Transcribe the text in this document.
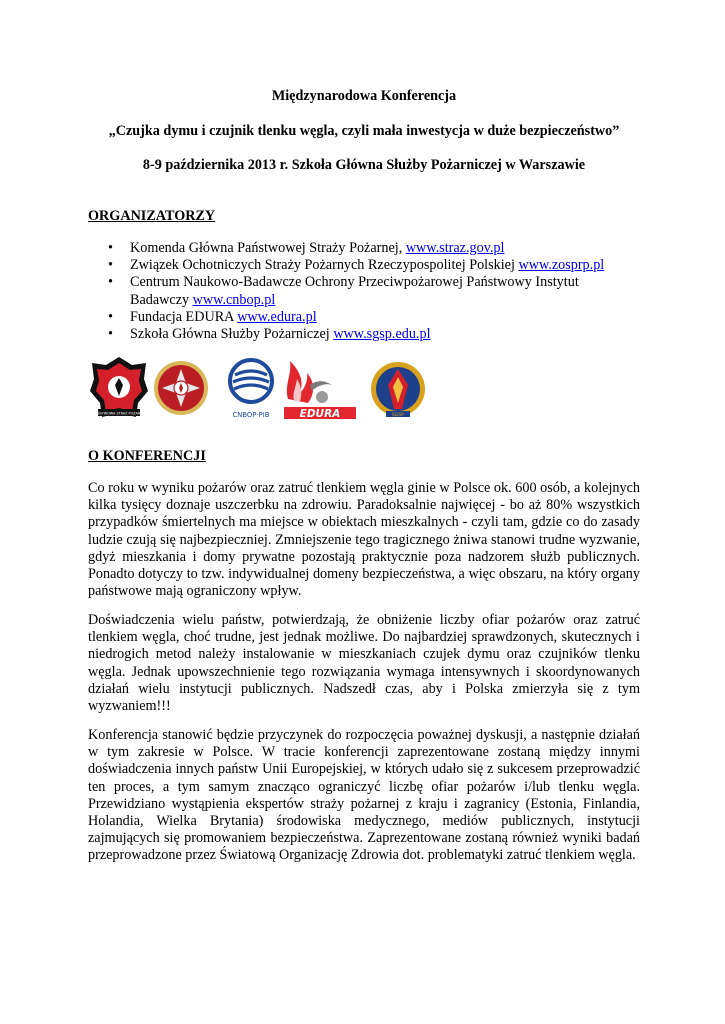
Międzynarodowa Konferencja
„Czujka dymu i czujnik tlenku węgla, czyli mała inwestycja w duże bezpieczeństwo”
8-9 października 2013 r. Szkoła Główna Służby Pożarniczej w Warszawie
ORGANIZATORZY
• Komenda Główna Państwowej Straży Pożarnej, www.straz.gov.pl
• Związek Ochotniczych Straży Pożarnych Rzeczypospolitej Polskiej www.zosprp.pl
• Centrum Naukowo-Badawcze Ochrony Przeciwpożarowej Państwowy Instytut Badawczy www.cnbop.pl
• Fundacja EDURA www.edura.pl
• Szkoła Główna Służby Pożarniczej www.sgsp.edu.pl
PAŃSTWOWA STRAŻ POŻARNA	CNBOP-PIB	EDURA	SGSP
O KONFERENCJI

Co roku w wyniku pożarów oraz zatruć tlenkiem węgla ginie w Polsce ok. 600 osób, a kolejnych kilka tysięcy doznaje uszczerbku na zdrowiu. Paradoksalnie najwięcej - bo aż 80% wszystkich przypadków śmiertelnych ma miejsce w obiektach mieszkalnych - czyli tam, gdzie co do zasady ludzie czują się najbezpieczniej. Zmniejszenie tego tragicznego żniwa stanowi trudne wyzwanie, gdyż mieszkania i domy prywatne pozostają praktycznie poza nadzorem służb publicznych. Ponadto dotyczy to tzw. indywidualnej domeny bezpieczeństwa, a więc obszaru, na który organy państwowe mają ograniczony wpływ.

Doświadczenia wielu państw, potwierdzają, że obniżenie liczby ofiar pożarów oraz zatruć tlenkiem węgla, choć trudne, jest jednak możliwe. Do najbardziej sprawdzonych, skutecznych i niedrogich metod należy instalowanie w mieszkaniach czujek dymu oraz czujników tlenku węgla. Jednak upowszechnienie tego rozwiązania wymaga intensywnych i skoordynowanych działań wielu instytucji publicznych. Nadszedł czas, aby i Polska zmierzyła się z tym wyzwaniem!!!

Konferencja stanowić będzie przyczynek do rozpoczęcia poważnej dyskusji, a następnie działań w tym zakresie w Polsce. W tracie konferencji zaprezentowane zostaną między innymi doświadczenia innych państw Unii Europejskiej, w których udało się z sukcesem przeprowadzić ten proces, a tym samym znacząco ograniczyć liczbę ofiar pożarów i/lub tlenku węgla. Przewidziano wystąpienia ekspertów straży pożarnej z kraju i zagranicy (Estonia, Finlandia, Holandia, Wielka Brytania) środowiska medycznego, mediów publicznych, instytucji zajmujących się promowaniem bezpieczeństwa. Zaprezentowane zostaną również wyniki badań przeprowadzone przez Światową Organizację Zdrowia dot. problematyki zatruć tlenkiem węgla.
